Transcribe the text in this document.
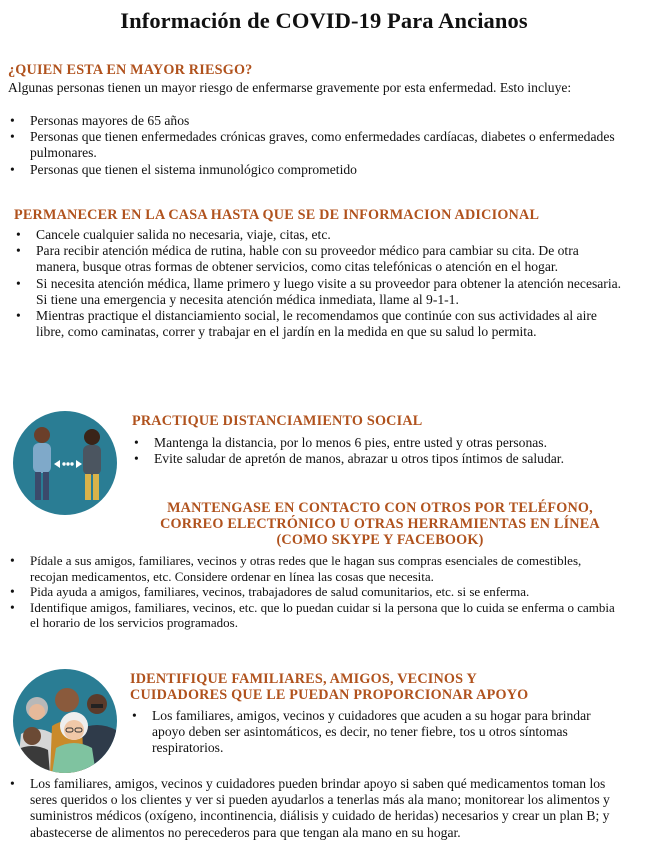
Información de COVID-19 Para Ancianos
¿QUIEN ESTA EN MAYOR RIESGO?
Algunas personas tienen un mayor riesgo de enfermarse gravemente por esta enfermedad. Esto incluye:
• Personas mayores de 65 años
• Personas que tienen enfermedades crónicas graves, como enfermedades cardíacas, diabetes o enfermedades pulmonares.
• Personas que tienen el sistema inmunológico comprometido
PERMANECER EN LA CASA HASTA QUE SE DE INFORMACION ADICIONAL
• Cancele cualquier salida no necesaria, viaje, citas, etc.
• Para recibir atención médica de rutina, hable con su proveedor médico para cambiar su cita. De otra manera, busque otras formas de obtener servicios, como citas telefónicas o atención en el hogar.
• Si necesita atención médica, llame primero y luego visite a su proveedor para obtener la atención necesaria. Si tiene una emergencia y necesita atención médica inmediata, llame al 9-1-1.
• Mientras practique el distanciamiento social, le recomendamos que continúe con sus actividades al aire libre, como caminatas, correr y trabajar en el jardín en la medida en que su salud lo permita.
PRACTIQUE DISTANCIAMIENTO SOCIAL
• Mantenga la distancia, por lo menos 6 pies, entre usted y otras personas.
• Evite saludar de apretón de manos, abrazar u otros tipos íntimos de saludar.
MANTENGASE EN CONTACTO CON OTROS POR TELÉFONO,
CORREO ELECTRÓNICO U OTRAS HERRAMIENTAS EN LÍNEA
(COMO SKYPE Y FACEBOOK)
• Pídale a sus amigos, familiares, vecinos y otras redes que le hagan sus compras esenciales de comestibles, recojan medicamentos, etc. Considere ordenar en línea las cosas que necesita.
• Pida ayuda a amigos, familiares, vecinos, trabajadores de salud comunitarios, etc. si se enferma.
• Identifique amigos, familiares, vecinos, etc. que lo puedan cuidar si la persona que lo cuida se enferma o cambia el horario de los servicios programados.
IDENTIFIQUE FAMILIARES, AMIGOS, VECINOS Y
CUIDADORES QUE LE PUEDAN PROPORCIONAR APOYO
• Los familiares, amigos, vecinos y cuidadores que acuden a su hogar para brindar apoyo deben ser asintomáticos, es decir, no tener fiebre, tos u otros síntomas respiratorios.
• Los familiares, amigos, vecinos y cuidadores pueden brindar apoyo si saben qué medicamentos toman los seres queridos o los clientes y ver si pueden ayudarlos a tenerlas más ala mano; monitorear los alimentos y suministros médicos (oxígeno, incontinencia, diálisis y cuidado de heridas) necesarios y crear un plan B; y abastecerse de alimentos no perecederos para que tengan ala mano en su hogar.
